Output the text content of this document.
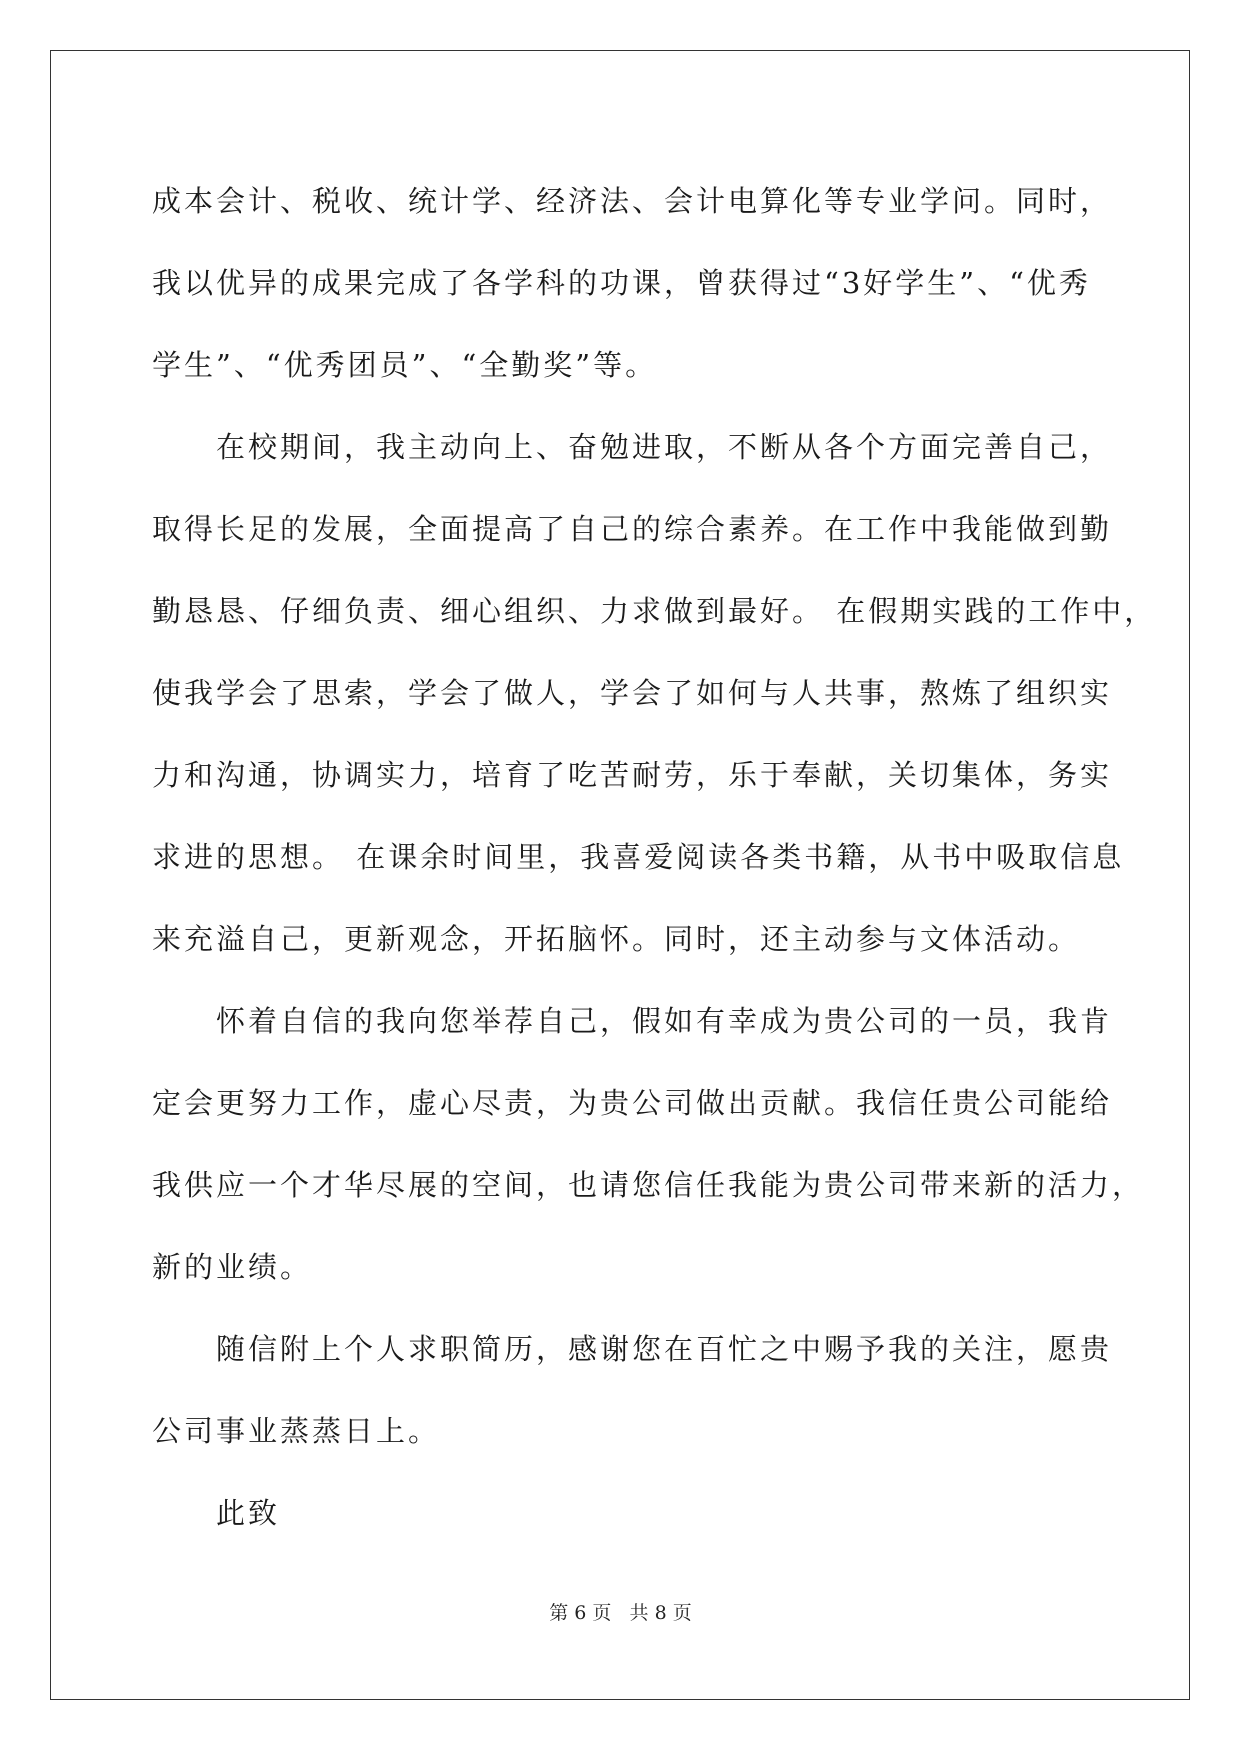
成本会计、税收、统计学、经济法、会计电算化等专业学问。同时，
我以优异的成果完成了各学科的功课，曾获得过“3好学生”、“优秀
学生”、“优秀团员”、“全勤奖”等。
在校期间，我主动向上、奋勉进取，不断从各个方面完善自己，
取得长足的发展，全面提高了自己的综合素养。在工作中我能做到勤
勤恳恳、仔细负责、细心组织、力求做到最好。 在假期实践的工作中，
使我学会了思索，学会了做人，学会了如何与人共事，熬炼了组织实
力和沟通，协调实力，培育了吃苦耐劳，乐于奉献，关切集体，务实
求进的思想。 在课余时间里，我喜爱阅读各类书籍，从书中吸取信息
来充溢自己，更新观念，开拓脑怀。同时，还主动参与文体活动。
怀着自信的我向您举荐自己，假如有幸成为贵公司的一员，我肯
定会更努力工作，虚心尽责，为贵公司做出贡献。我信任贵公司能给
我供应一个才华尽展的空间，也请您信任我能为贵公司带来新的活力，
新的业绩。
随信附上个人求职简历，感谢您在百忙之中赐予我的关注，愿贵
公司事业蒸蒸日上。
此致
第 6 页   共 8 页
